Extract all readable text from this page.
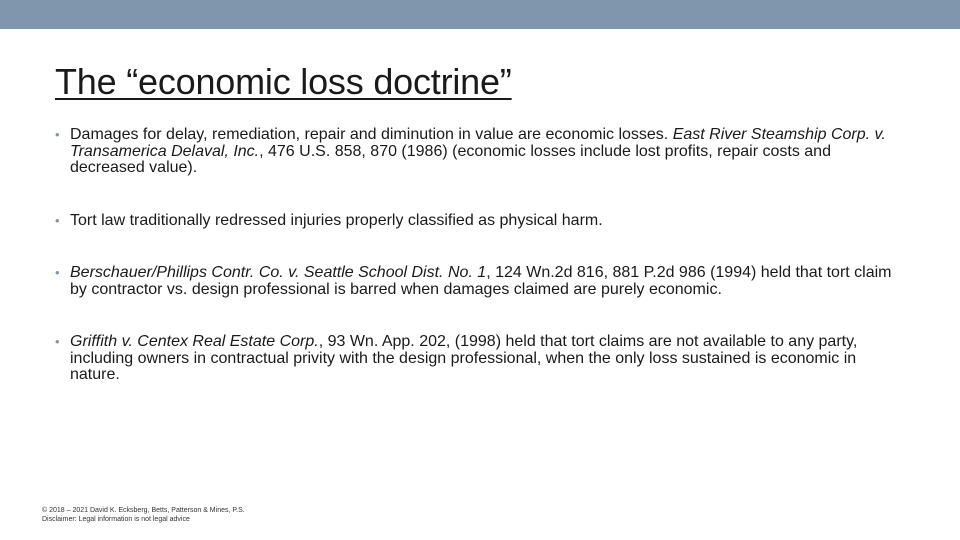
The “economic loss doctrine”
• Damages for delay, remediation, repair and diminution in value are economic losses. East River Steamship Corp. v. Transamerica Delaval, Inc., 476 U.S. 858, 870 (1986) (economic losses include lost profits, repair costs and decreased value).
• Tort law traditionally redressed injuries properly classified as physical harm.
• Berschauer/Phillips Contr. Co. v. Seattle School Dist. No. 1, 124 Wn.2d 816, 881 P.2d 986 (1994) held that tort claim by contractor vs. design professional is barred when damages claimed are purely economic.
• Griffith v. Centex Real Estate Corp., 93 Wn. App. 202, (1998) held that tort claims are not available to any party, including owners in contractual privity with the design professional, when the only loss sustained is economic in nature.
© 2018 – 2021 David K. Ecksberg, Betts, Patterson & Mines, P.S.
Disclaimer: Legal information is not legal advice
